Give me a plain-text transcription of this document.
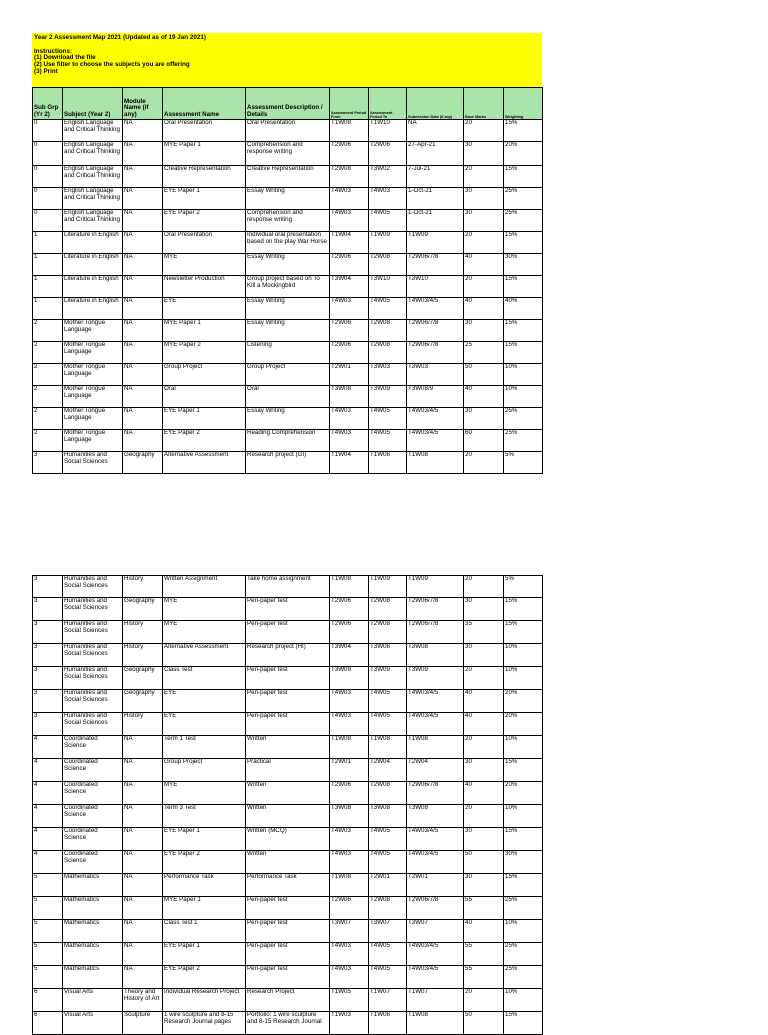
Year 2 Assessment Map 2021 (Updated as of 19 Jan 2021)
Instructions:
(1) Download the file
(2) Use filter to choose the subjects you are offering
(3) Print
Sub Grp (Yr 2)	Subject (Year 2)	Module Name (if any)	Assessment Name	Assessment Description / Details	Assessment Period From	Assessment Period To	Submission Date (if any)	Base Marks	Weighting
0	English Language and Critical Thinking	NA	Oral Presentation	Oral Presentation	T1W08	T1W10	NA	20	15%
0	English Language and Critical Thinking	NA	MYE Paper 1	Comprehension and response writing	T2W06	T2W06	27-Apr-21	30	20%
0	English Language and Critical Thinking	NA	Creative Representation	Creative Representation	T2W08	T3W02	7-Jul-21	20	15%
0	English Language and Critical Thinking	NA	EYE Paper 1	Essay Writing	T4W03	T4W03	1-Oct-21	30	25%
0	English Language and Critical Thinking	NA	EYE Paper 2	Comprehension and response writing	T4W03	T4W05	1-Oct-21	30	25%
1	Literature in English	NA	Oral Presentation	Individual oral presentation based on the play War Horse	T1W04	T1W09	T1W09	20	15%
1	Literature in English	NA	MYE	Essay Writing	T2W06	T2W08	T2W06/7/8	40	30%
1	Literature in English	NA	Newsletter Production	Group project based on To Kill a Mockingbird	T3W04	T3W10	T3W10	20	15%
1	Literature in English	NA	EYE	Essay Writing	T4W03	T4W05	T4W03/4/5	40	40%
2	Mother Tongue Language	NA	MYE Paper 1	Essay Writing	T2W06	T2W08	T2W06/7/8	30	15%
2	Mother Tongue Language	NA	MYE Paper 2	Listening	T2W06	T2W08	T2W06/7/8	25	15%
2	Mother Tongue Language	NA	Group Project	Group Project	T2W01	T3W03	T3W03	50	10%
2	Mother Tongue Language	NA	Oral	Oral	T3W08	T3W09	T3W08/9	40	10%
2	Mother Tongue Language	NA	EYE Paper 1	Essay Writing	T4W03	T4W05	T4W03/4/5	30	25%
2	Mother Tongue Language	NA	EYE Paper 2	Reading Comprehension	T4W03	T4W05	T4W03/4/5	60	25%
3	Humanities and Social Sciences	Geography	Alternative Assessment	Research project (GI)	T1W04	T1W08	T1W08	20	5%
3	Humanities and Social Sciences	History	Written Assignment	Take home assignment	T1W08	T1W09	T1W09	20	5%
3	Humanities and Social Sciences	Geography	MYE	Pen-paper test	T2W06	T2W08	T2W06/7/8	30	15%
3	Humanities and Social Sciences	History	MYE	Pen-paper test	T2W06	T2W08	T2W06/7/8	35	15%
3	Humanities and Social Sciences	History	Alternative Assessment	Research project (HI)	T3W04	T3W08	T3W08	30	10%
3	Humanities and Social Sciences	Geography	Class Test	Pen-paper test	T3W09	T3W09	T3W09	20	10%
3	Humanities and Social Sciences	Geography	EYE	Pen-paper test	T4W03	T4W05	T4W03/4/5	40	20%
3	Humanities and Social Sciences	History	EYE	Pen-paper test	T4W03	T4W05	T4W03/4/5	40	20%
4	Coordinated Science	NA	Term 1 Test	Written	T1W08	T1W08	T1W08	20	10%
4	Coordinated Science	NA	Group Project	Practical	T2W01	T2W04	T2W04	30	15%
4	Coordinated Science	NA	MYE	Written	T2W06	T2W08	T2W06/7/8	40	20%
4	Coordinated Science	NA	Term 3 Test	Written	T3W08	T3W08	T3W08	20	10%
4	Coordinated Science	NA	EYE Paper 1	Written (MCQ)	T4W03	T4W05	T4W03/4/5	30	15%
4	Coordinated Science	NA	EYE Paper 2	Written	T4W03	T4W05	T4W03/4/5	50	30%
5	Mathematics	NA	Performance Task	Performance Task	T1W08	T2W01	T2W01	30	15%
5	Mathematics	NA	MYE Paper 1	Pen-paper test	T2W06	T2W08	T2W06/7/8	55	25%
5	Mathematics	NA	Class Test 1	Pen-paper test	T3W07	T3W07	T3W07	40	10%
5	Mathematics	NA	EYE Paper 1	Pen-paper test	T4W03	T4W05	T4W03/4/5	55	25%
5	Mathematics	NA	EYE Paper 2	Pen-paper test	T4W03	T4W05	T4W03/4/5	55	25%
6	Visual Arts	Theory and History of Art	Individual Research Project	Research Project	T1W05	T1W07	T1W07	20	10%
6	Visual Arts	Sculpture	1 wire sculpture and 8-15 Research Journal pages	Portfolio: 1 wire sculpture and 8-15 Research Journal	T1W03	T1W08	T1W08	50	15%
